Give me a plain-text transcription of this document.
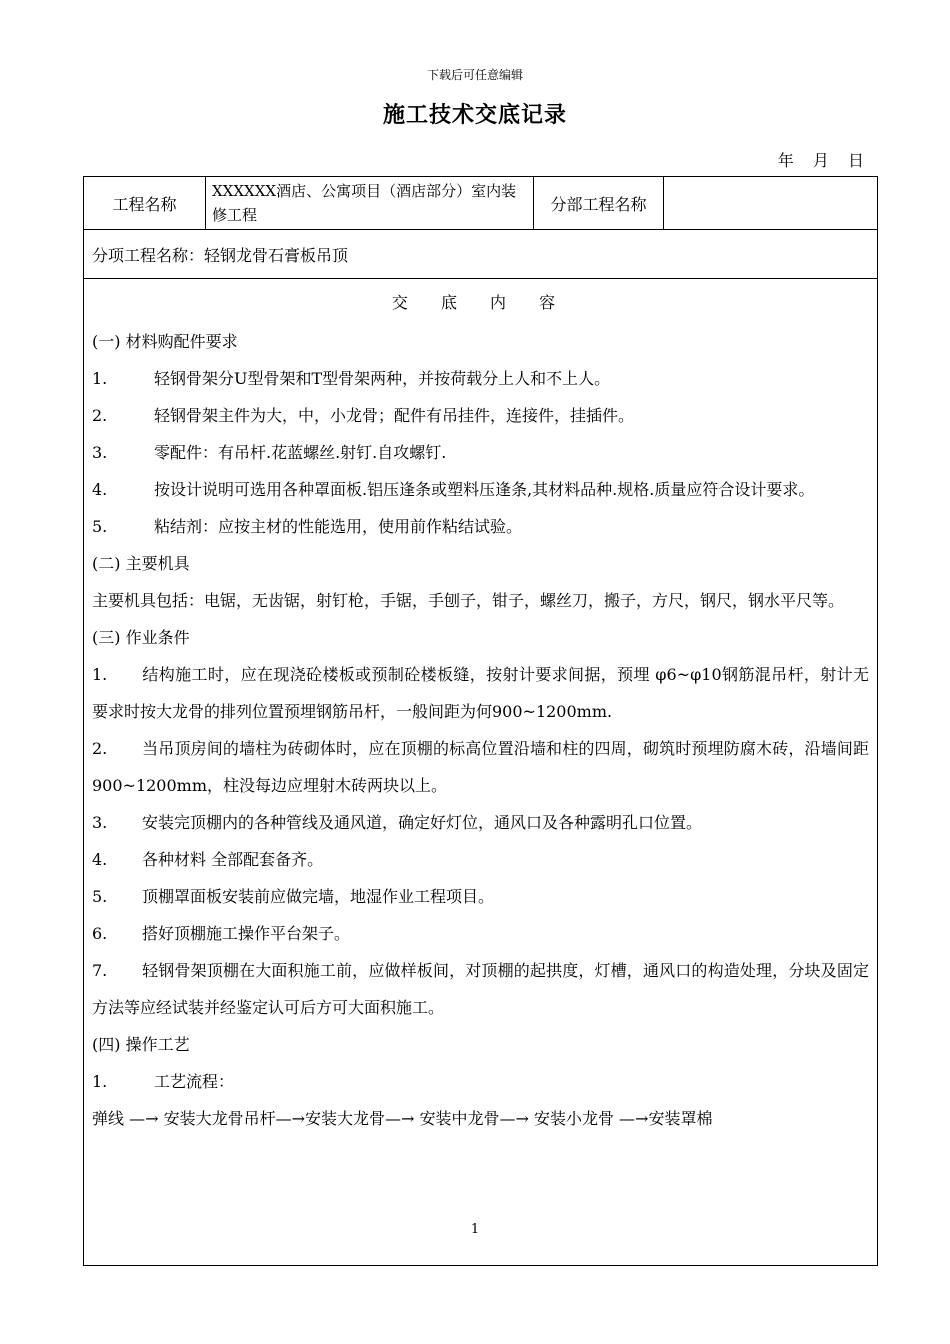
下载后可任意编辑
施工技术交底记录
年 月 日
工程名称	XXXXXX酒店、公寓项目（酒店部分）室内装修工程	分部工程名称	
分项工程名称：轻钢龙骨石膏板吊顶

交 底 内 容
(一) 材料购配件要求
1.	轻钢骨架分U型骨架和T型骨架两种，并按荷载分上人和不上人。
2.	轻钢骨架主件为大，中，小龙骨；配件有吊挂件，连接件，挂插件。
3.	零配件：有吊杆.花蓝螺丝.射钉.自攻螺钉.
4.	按设计说明可选用各种罩面板.铝压逢条或塑料压逢条,其材料品种.规格.质量应符合设计要求。
5.	粘结剂：应按主材的性能选用，使用前作粘结试验。
(二) 主要机具
主要机具包括：电锯，无齿锯，射钉枪，手锯，手刨子，钳子，螺丝刀，搬子，方尺，钢尺，钢水平尺等。
(三) 作业条件
1. 结构施工时，应在现浇砼楼板或预制砼楼板缝，按射计要求间据，预埋 φ6~φ10钢筋混吊杆，射计无要求时按大龙骨的排列位置预埋钢筋吊杆，一般间距为何900~1200mm.
2. 当吊顶房间的墙柱为砖砌体时，应在顶棚的标高位置沿墙和柱的四周，砌筑时预埋防腐木砖，沿墙间距900~1200mm，柱没每边应埋射木砖两块以上。
3. 安装完顶棚内的各种管线及通风道，确定好灯位，通风口及各种露明孔口位置。
4. 各种材料 全部配套备齐。
5. 顶棚罩面板安装前应做完墙，地湿作业工程项目。
6. 搭好顶棚施工操作平台架子。
7. 轻钢骨架顶棚在大面积施工前，应做样板间，对顶棚的起拱度，灯槽，通风口的构造处理，分块及固定方法等应经试装并经鉴定认可后方可大面积施工。
(四) 操作工艺
1.	工艺流程：
弹线 —→ 安装大龙骨吊杆—→安装大龙骨—→ 安装中龙骨—→ 安装小龙骨 —→安装罩棉
1
